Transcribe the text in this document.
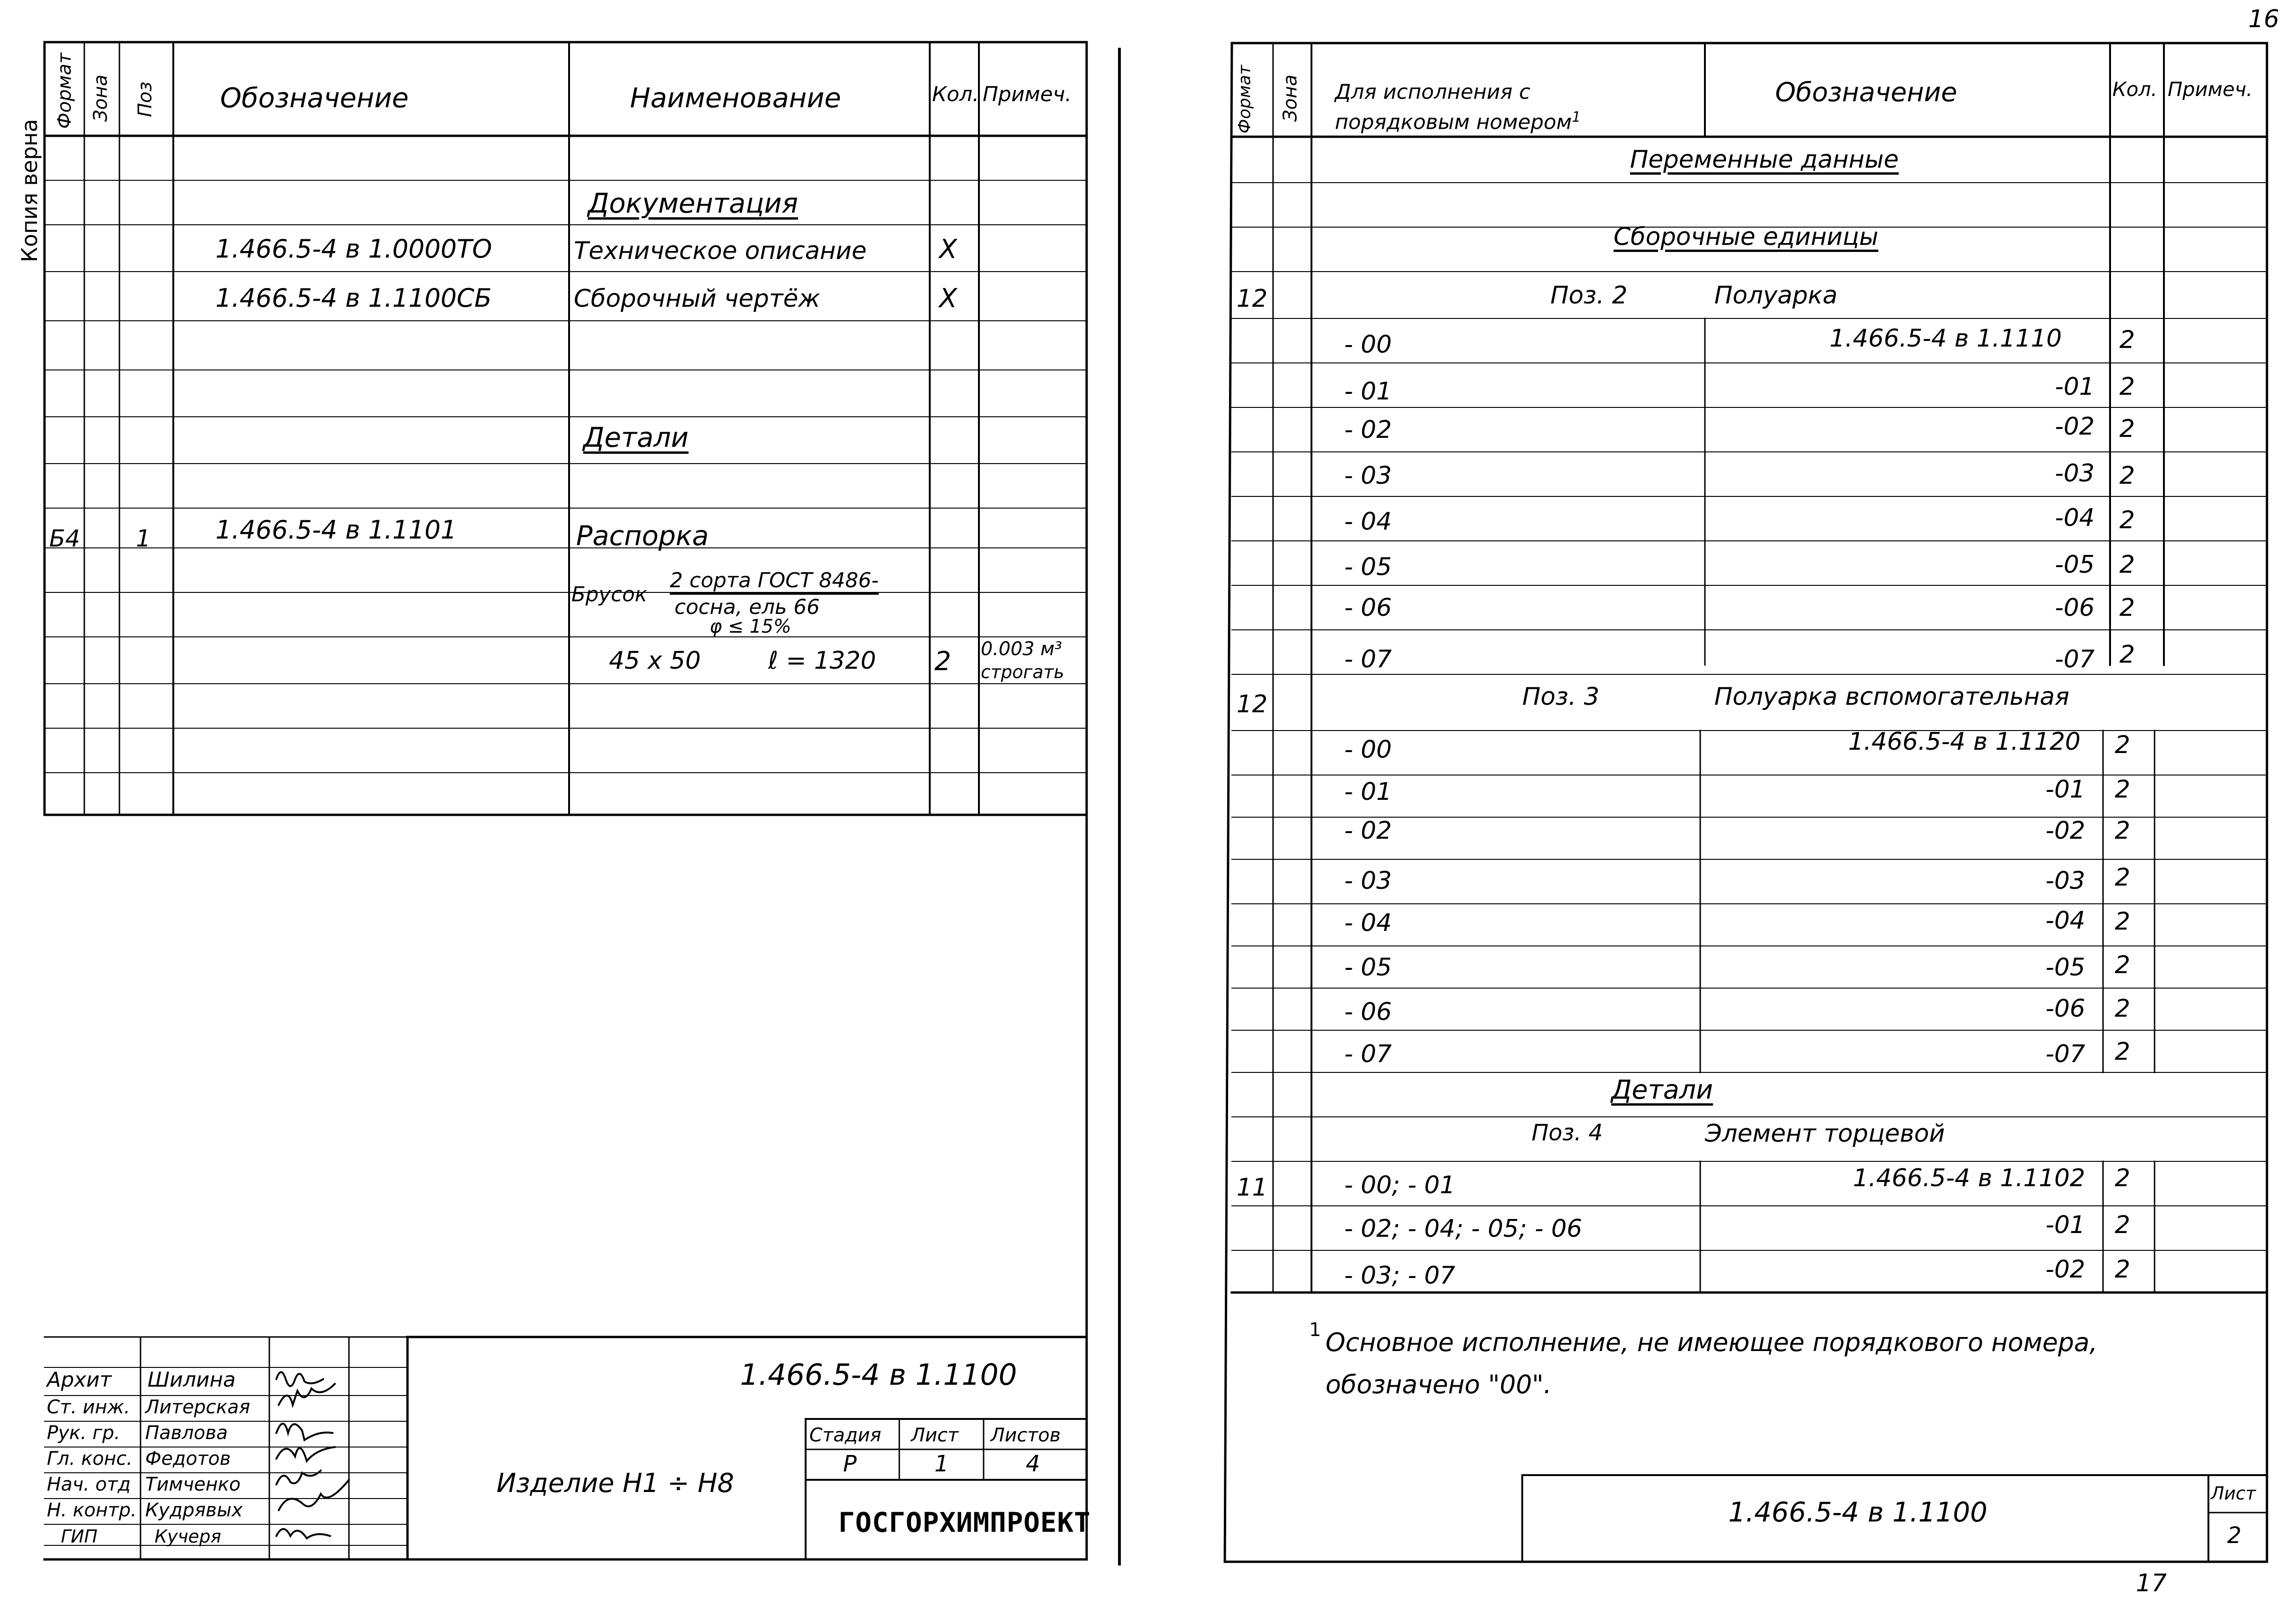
16
17
Копия верна
Формат Зона Поз Обозначение	Наименование	Кол. Примеч.
Документация
1.466.5-4 в 1.0000ТО	Техническое описание	X
1.466.5-4 в 1.1100СБ	Сборочный чертёж	X
Детали
Б4 1	1.466.5-4 в 1.1101	Распорка
Брусок
2 сорта ГОСТ 8486-
сосна, ель 66
φ ≤ 15%
45 x 50	ℓ = 1320 2 0.003 м³
строгать
1.466.5-4 в 1.1100
Изделие Н1 ÷ Н8
Стадия Лист Листов
Р	1	4
ГОСГОРХИМПРОЕКТ
Архит Шилина
Ст. инж. Литерская
Рук. гр. Павлова
Гл. конс. Федотов
Нач. отд Тимченко
Н. контр. Кудрявых
ГИП	Кучеря
Формат Зона Для исполнения с порядковым номером$^1$
Обозначение	Кол. Примеч.
Переменные данные
Сборочные единицы
12	Поз. 2	Полуарка
- 00	1.466.5-4 в 1.1110 2
- 01	-01 2
- 02	-02 2
- 03	-03 2
- 04	-04 2
- 05	-05 2
- 06	-06 2
- 07	-07 2
12	Поз. 3	Полуарка вспомогательная
- 00	1.466.5-4 в 1.1120 2
- 01	-01 2
- 02	-02 2
- 03	-03 2
- 04	-04 2
- 05	-05 2
- 06	-06 2
- 07	-07 2
Детали
Поз. 4	Элемент торцевой
11	- 00; - 01	1.466.5-4 в 1.1102 2
- 02; - 04; - 05; - 06	-01 2
- 03; - 07	-02 2
1 Основное исполнение, не имеющее порядкового номера,
обозначено "00".
1.466.5-4 в 1.1100
Лист
2
